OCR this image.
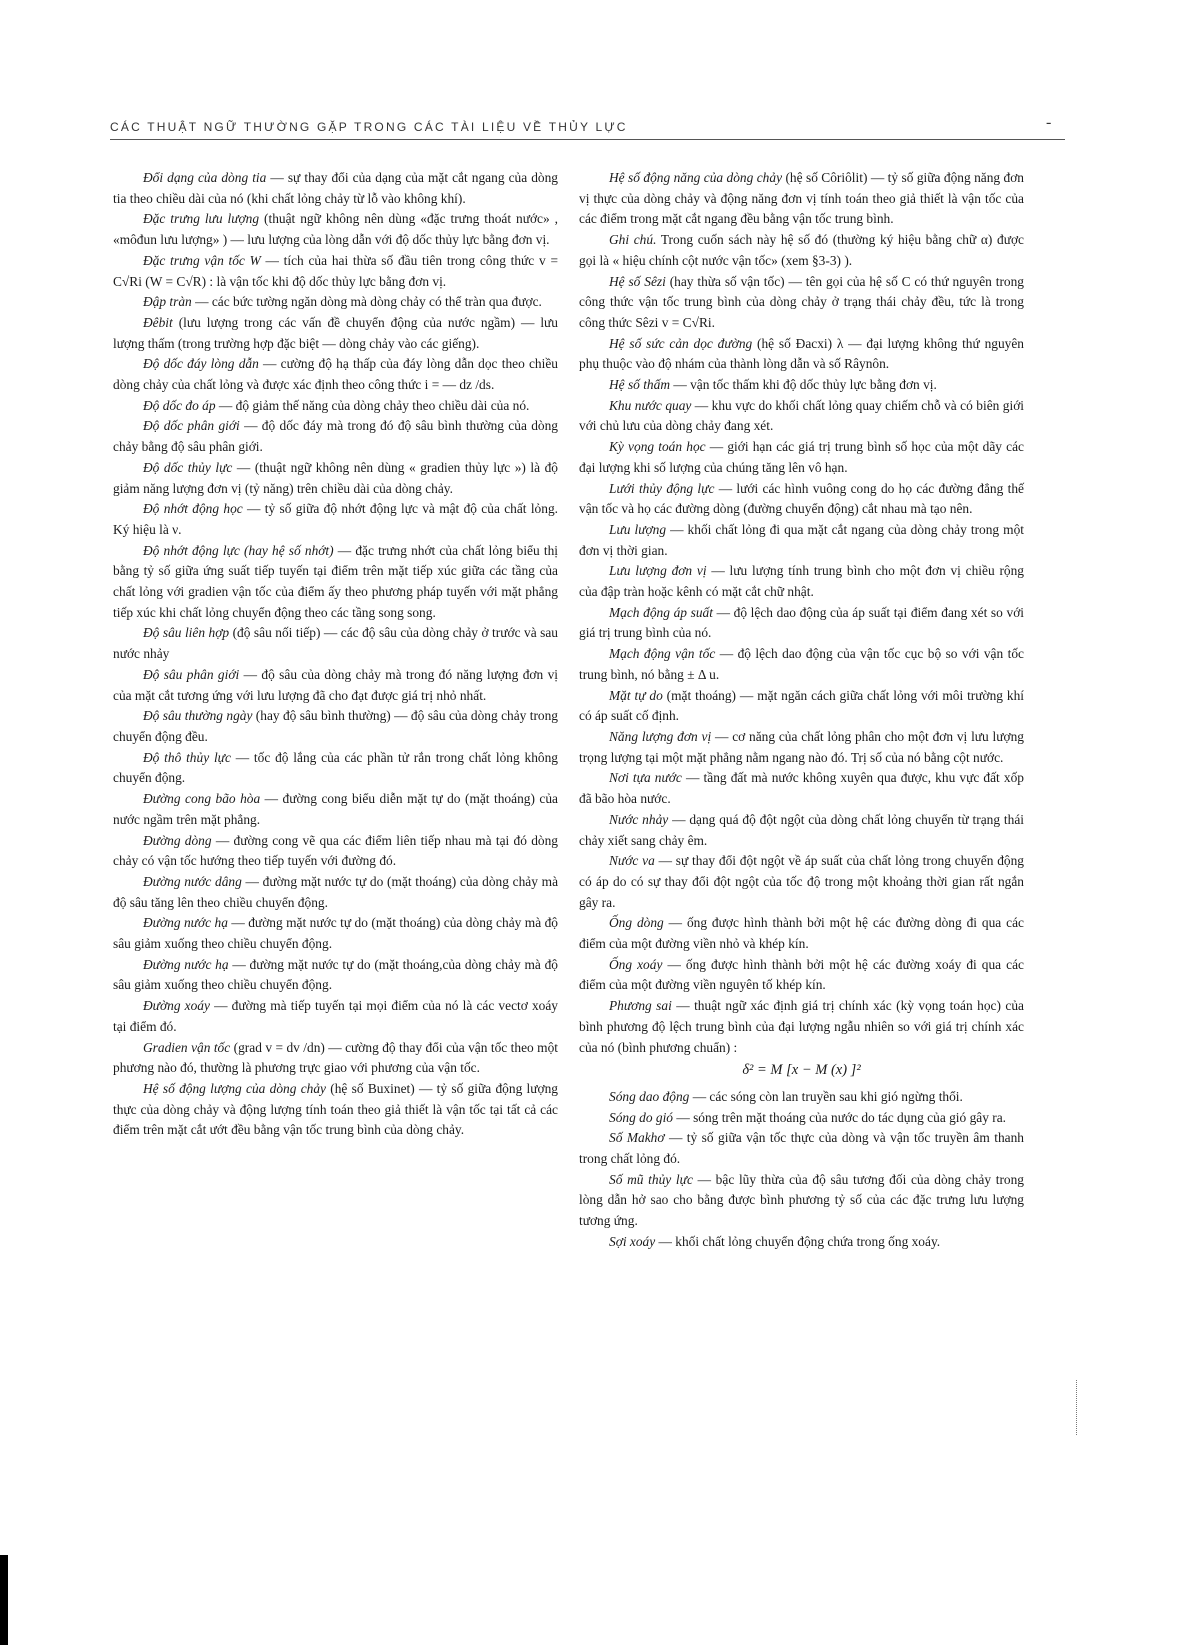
CÁC THUẬT NGỮ THƯỜNG GẶP TRONG CÁC TÀI LIỆU VỀ THỦY LỰC	-

Đổi dạng của dòng tia — sự thay đổi của dạng của mặt cắt ngang của dòng tia theo chiều dài của nó (khi chất lỏng chảy từ lỗ vào không khí).

Đặc trưng lưu lượng (thuật ngữ không nên dùng «đặc trưng thoát nước» , «môđun lưu lượng» ) — lưu lượng của lòng dẫn với độ dốc thủy lực bằng đơn vị.

Đặc trưng vận tốc W — tích của hai thừa số đầu tiên trong công thức v = C√Ri (W = C√R) : là vận tốc khi độ dốc thủy lực bằng đơn vị.

Đập tràn — các bức tường ngăn dòng mà dòng chảy có thể tràn qua được.

Đêbit (lưu lượng trong các vấn đề chuyển động của nước ngầm) — lưu lượng thấm (trong trường hợp đặc biệt — dòng chảy vào các giếng).

Độ dốc đáy lòng dẫn — cường độ hạ thấp của đáy lòng dẫn dọc theo chiều dòng chảy của chất lỏng và được xác định theo công thức i = — dz /ds.

Độ dốc đo áp — độ giảm thế năng của dòng chảy theo chiều dài của nó.

Độ dốc phân giới — độ dốc đáy mà trong đó độ sâu bình thường của dòng chảy bằng độ sâu phân giới.

Độ dốc thủy lực — (thuật ngữ không nên dùng « gradien thủy lực ») là độ giảm năng lượng đơn vị (tỷ năng) trên chiều dài của dòng chảy.

Độ nhớt động học — tỷ số giữa độ nhớt động lực và mật độ của chất lỏng. Ký hiệu là ν.

Độ nhớt động lực (hay hệ số nhớt) — đặc trưng nhớt của chất lỏng biểu thị bằng tỷ số giữa ứng suất tiếp tuyến tại điểm trên mặt tiếp xúc giữa các tầng của chất lỏng với gradien vận tốc của điểm ấy theo phương pháp tuyến với mặt phẳng tiếp xúc khi chất lỏng chuyển động theo các tầng song song.

Độ sâu liên hợp (độ sâu nối tiếp) — các độ sâu của dòng chảy ở trước và sau nước nhảy

Độ sâu phân giới — độ sâu của dòng chảy mà trong đó năng lượng đơn vị của mặt cắt tương ứng với lưu lượng đã cho đạt được giá trị nhỏ nhất.

Độ sâu thường ngày (hay độ sâu bình thường) — độ sâu của dòng chảy trong chuyển động đều.

Độ thô thủy lực — tốc độ lắng của các phần tử rắn trong chất lỏng không chuyển động.

Đường cong bão hòa — đường cong biểu diễn mặt tự do (mặt thoáng) của nước ngầm trên mặt phẳng.

Đường dòng — đường cong vẽ qua các điểm liên tiếp nhau mà tại đó dòng chảy có vận tốc hướng theo tiếp tuyến với đường đó.

Đường nước dâng — đường mặt nước tự do (mặt thoáng) của dòng chảy mà độ sâu tăng lên theo chiều chuyển động.

Đường nước hạ — đường mặt nước tự do (mặt thoáng) của dòng chảy mà độ sâu giảm xuống theo chiều chuyển động.

Đường nước hạ — đường mặt nước tự do (mặt thoáng,của dòng chảy mà độ sâu giảm xuống theo chiều chuyển động.

Đường xoáy — đường mà tiếp tuyến tại mọi điểm của nó là các vectơ xoáy tại điểm đó.

Gradien vận tốc (grad v = dv /dn) — cường độ thay đổi của vận tốc theo một phương nào đó, thường là phương trực giao với phương của vận tốc.

Hệ số động lượng của dòng chảy (hệ số Buxinet) — tỷ số giữa động lượng thực của dòng chảy và động lượng tính toán theo giả thiết là vận tốc tại tất cả các điểm trên mặt cắt ướt đều bằng vận tốc trung bình của dòng chảy.

Hệ số động năng của dòng chảy (hệ số Côriôlit) — tỷ số giữa động năng đơn vị thực của dòng chảy và động năng đơn vị tính toán theo giả thiết là vận tốc của các điểm trong mặt cắt ngang đều bằng vận tốc trung bình.

Ghi chú. Trong cuốn sách này hệ số đó (thường ký hiệu bằng chữ α) được gọi là « hiệu chính cột nước vận tốc» (xem §3-3) ).

Hệ số Sêzi (hay thừa số vận tốc) — tên gọi của hệ số C có thứ nguyên trong công thức vận tốc trung bình của dòng chảy ở trạng thái chảy đều, tức là trong công thức Sêzi v = C√Ri.

Hệ số sức cản dọc đường (hệ số Đacxi) λ — đại lượng không thứ nguyên phụ thuộc vào độ nhám của thành lòng dẫn và số Râynôn.

Hệ số thấm — vận tốc thấm khi độ dốc thủy lực bằng đơn vị.

Khu nước quay — khu vực do khối chất lỏng quay chiếm chỗ và có biên giới với chủ lưu của dòng chảy đang xét.

Kỳ vọng toán học — giới hạn các giá trị trung bình số học của một dãy các đại lượng khi số lượng của chúng tăng lên vô hạn.

Lưới thủy động lực — lưới các hình vuông cong do họ các đường đẳng thế vận tốc và họ các đường dòng (đường chuyển động) cắt nhau mà tạo nên.

Lưu lượng — khối chất lỏng đi qua mặt cắt ngang của dòng chảy trong một đơn vị thời gian.

Lưu lượng đơn vị — lưu lượng tính trung bình cho một đơn vị chiều rộng của đập tràn hoặc kênh có mặt cắt chữ nhật.

Mạch động áp suất — độ lệch dao động của áp suất tại điểm đang xét so với giá trị trung bình của nó.

Mạch động vận tốc — độ lệch dao động của vận tốc cục bộ so với vận tốc trung bình, nó bằng ± Δ u.

Mặt tự do (mặt thoáng) — mặt ngăn cách giữa chất lỏng với môi trường khí có áp suất cố định.

Năng lượng đơn vị — cơ năng của chất lỏng phân cho một đơn vị lưu lượng trọng lượng tại một mặt phẳng nằm ngang nào đó. Trị số của nó bằng cột nước.

Nơi tựa nước — tầng đất mà nước không xuyên qua được, khu vực đất xốp đã bão hòa nước.

Nước nhảy — dạng quá độ đột ngột của dòng chất lỏng chuyển từ trạng thái chảy xiết sang chảy êm.

Nước va — sự thay đổi đột ngột về áp suất của chất lỏng trong chuyển động có áp do có sự thay đổi đột ngột của tốc độ trong một khoảng thời gian rất ngắn gây ra.

Ống dòng — ống được hình thành bởi một hệ các đường dòng đi qua các điểm của một đường viền nhỏ và khép kín.

Ống xoáy — ống được hình thành bởi một hệ các đường xoáy đi qua các điểm của một đường viền nguyên tố khép kín.

Phương sai — thuật ngữ xác định giá trị chính xác (kỳ vọng toán học) của bình phương độ lệch trung bình của đại lượng ngẫu nhiên so với giá trị chính xác của nó (bình phương chuẩn) :

δ² = M [x − M (x) ]²

Sóng dao động — các sóng còn lan truyền sau khi gió ngừng thổi.

Sóng do gió — sóng trên mặt thoáng của nước do tác dụng của gió gây ra.

Số Makhơ — tỷ số giữa vận tốc thực của dòng và vận tốc truyền âm thanh trong chất lỏng đó.

Số mũ thủy lực — bậc lũy thừa của độ sâu tương đối của dòng chảy trong lòng dẫn hở sao cho bằng được bình phương tỷ số của các đặc trưng lưu lượng tương ứng.

Sợi xoáy — khối chất lỏng chuyển động chứa trong ống xoáy.
